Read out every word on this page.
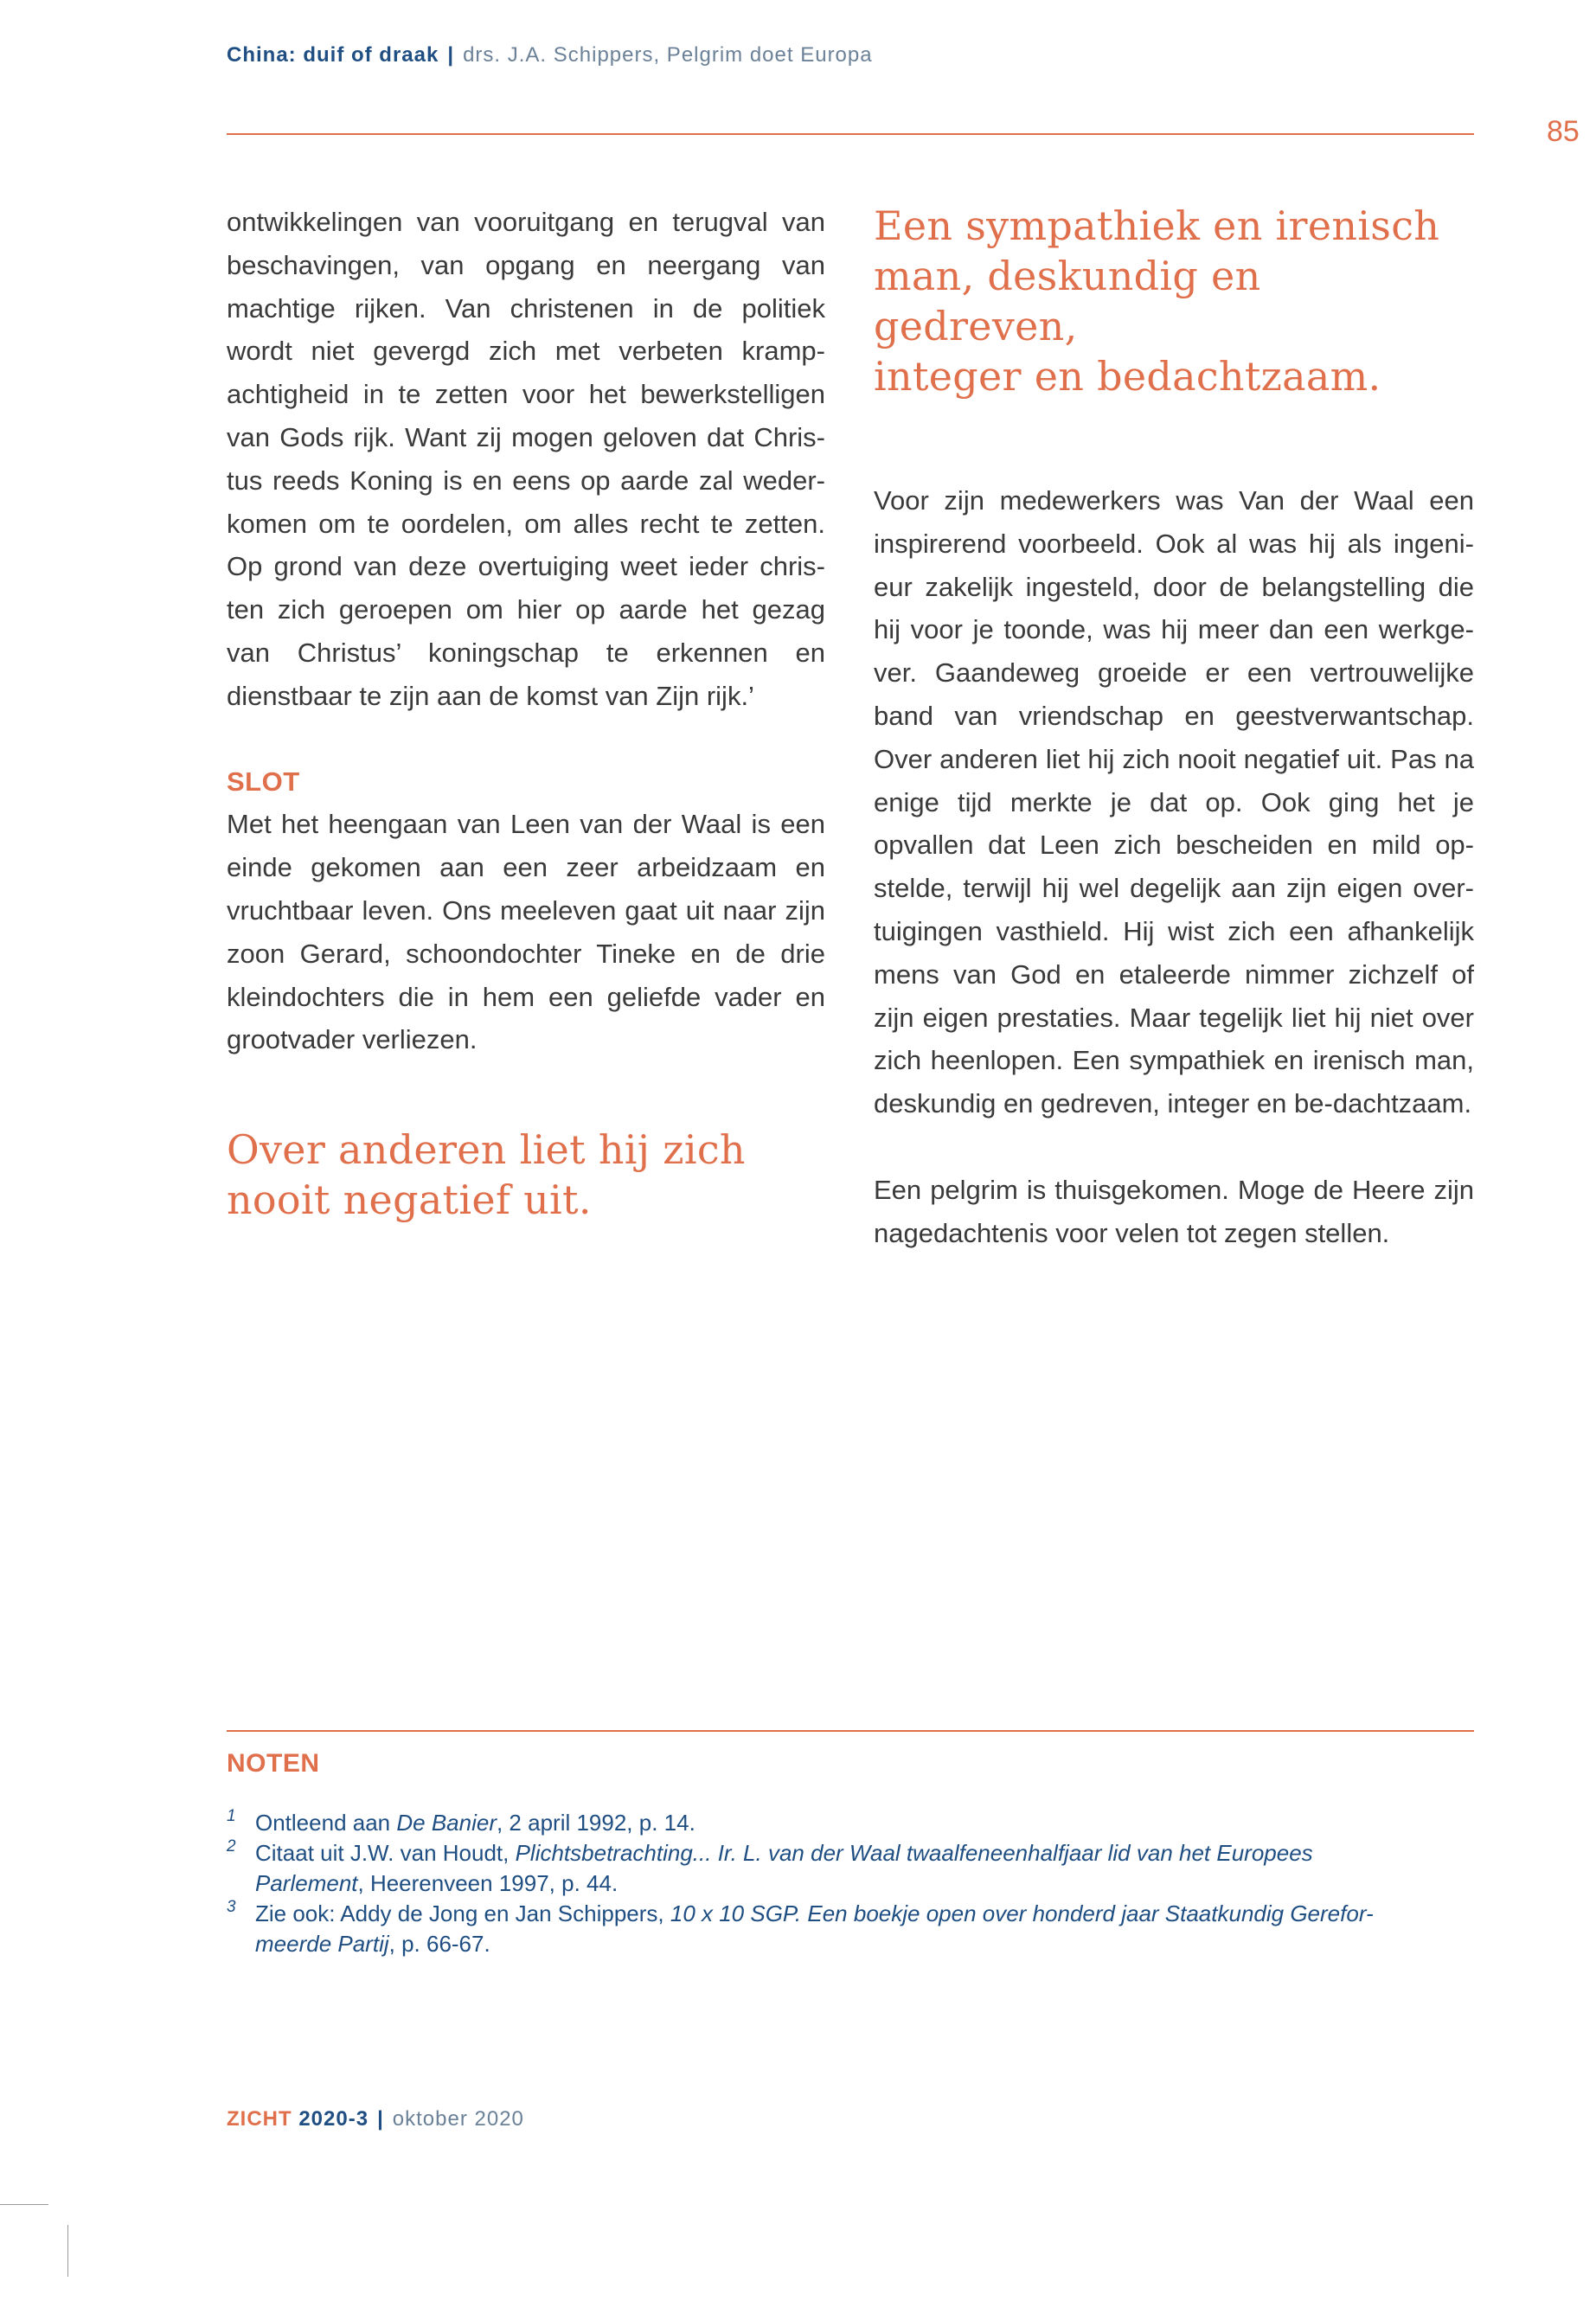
China: duif of draak | drs. J.A. Schippers, Pelgrim doet Europa
85

ontwikkelingen van vooruitgang en terugval van beschavingen, van opgang en neergang van machtige rijken. Van christenen in de politiek wordt niet gevergd zich met verbeten kramp-achtigheid in te zetten voor het bewerkstelligen van Gods rijk. Want zij mogen geloven dat Chris-tus reeds Koning is en eens op aarde zal weder-komen om te oordelen, om alles recht te zetten. Op grond van deze overtuiging weet ieder chris-ten zich geroepen om hier op aarde het gezag van Christus’ koningschap te erkennen en dienstbaar te zijn aan de komst van Zijn rijk.’

SLOT

Met het heengaan van Leen van der Waal is een einde gekomen aan een zeer arbeidzaam en vruchtbaar leven. Ons meeleven gaat uit naar zijn zoon Gerard, schoondochter Tineke en de drie kleindochters die in hem een geliefde vader en grootvader verliezen.

Over anderen liet hij zich
nooit negatief uit.
Een sympathiek en irenisch
man, deskundig en gedreven,
integer en bedachtzaam.

Voor zijn medewerkers was Van der Waal een inspirerend voorbeeld. Ook al was hij als ingeni-eur zakelijk ingesteld, door de belangstelling die hij voor je toonde, was hij meer dan een werkge-ver. Gaandeweg groeide er een vertrouwelijke band van vriendschap en geestverwantschap. Over anderen liet hij zich nooit negatief uit. Pas na enige tijd merkte je dat op. Ook ging het je opvallen dat Leen zich bescheiden en mild op-stelde, terwijl hij wel degelijk aan zijn eigen over-tuigingen vasthield. Hij wist zich een afhankelijk mens van God en etaleerde nimmer zichzelf of zijn eigen prestaties. Maar tegelijk liet hij niet over zich heenlopen. Een sympathiek en irenisch man, deskundig en gedreven, integer en be-dachtzaam.

Een pelgrim is thuisgekomen. Moge de Heere zijn nagedachtenis voor velen tot zegen stellen.

NOTEN
1 Ontleend aan De Banier, 2 april 1992, p. 14.
2 Citaat uit J.W. van Houdt, Plichtsbetrachting... Ir. L. van der Waal twaalfeneenhalfjaar lid van het Europees
Parlement, Heerenveen 1997, p. 44.
3 Zie ook: Addy de Jong en Jan Schippers, 10 x 10 SGP. Een boekje open over honderd jaar Staatkundig Gerefor-
meerde Partij, p. 66-67.
ZICHT 2020-3 | oktober 2020
